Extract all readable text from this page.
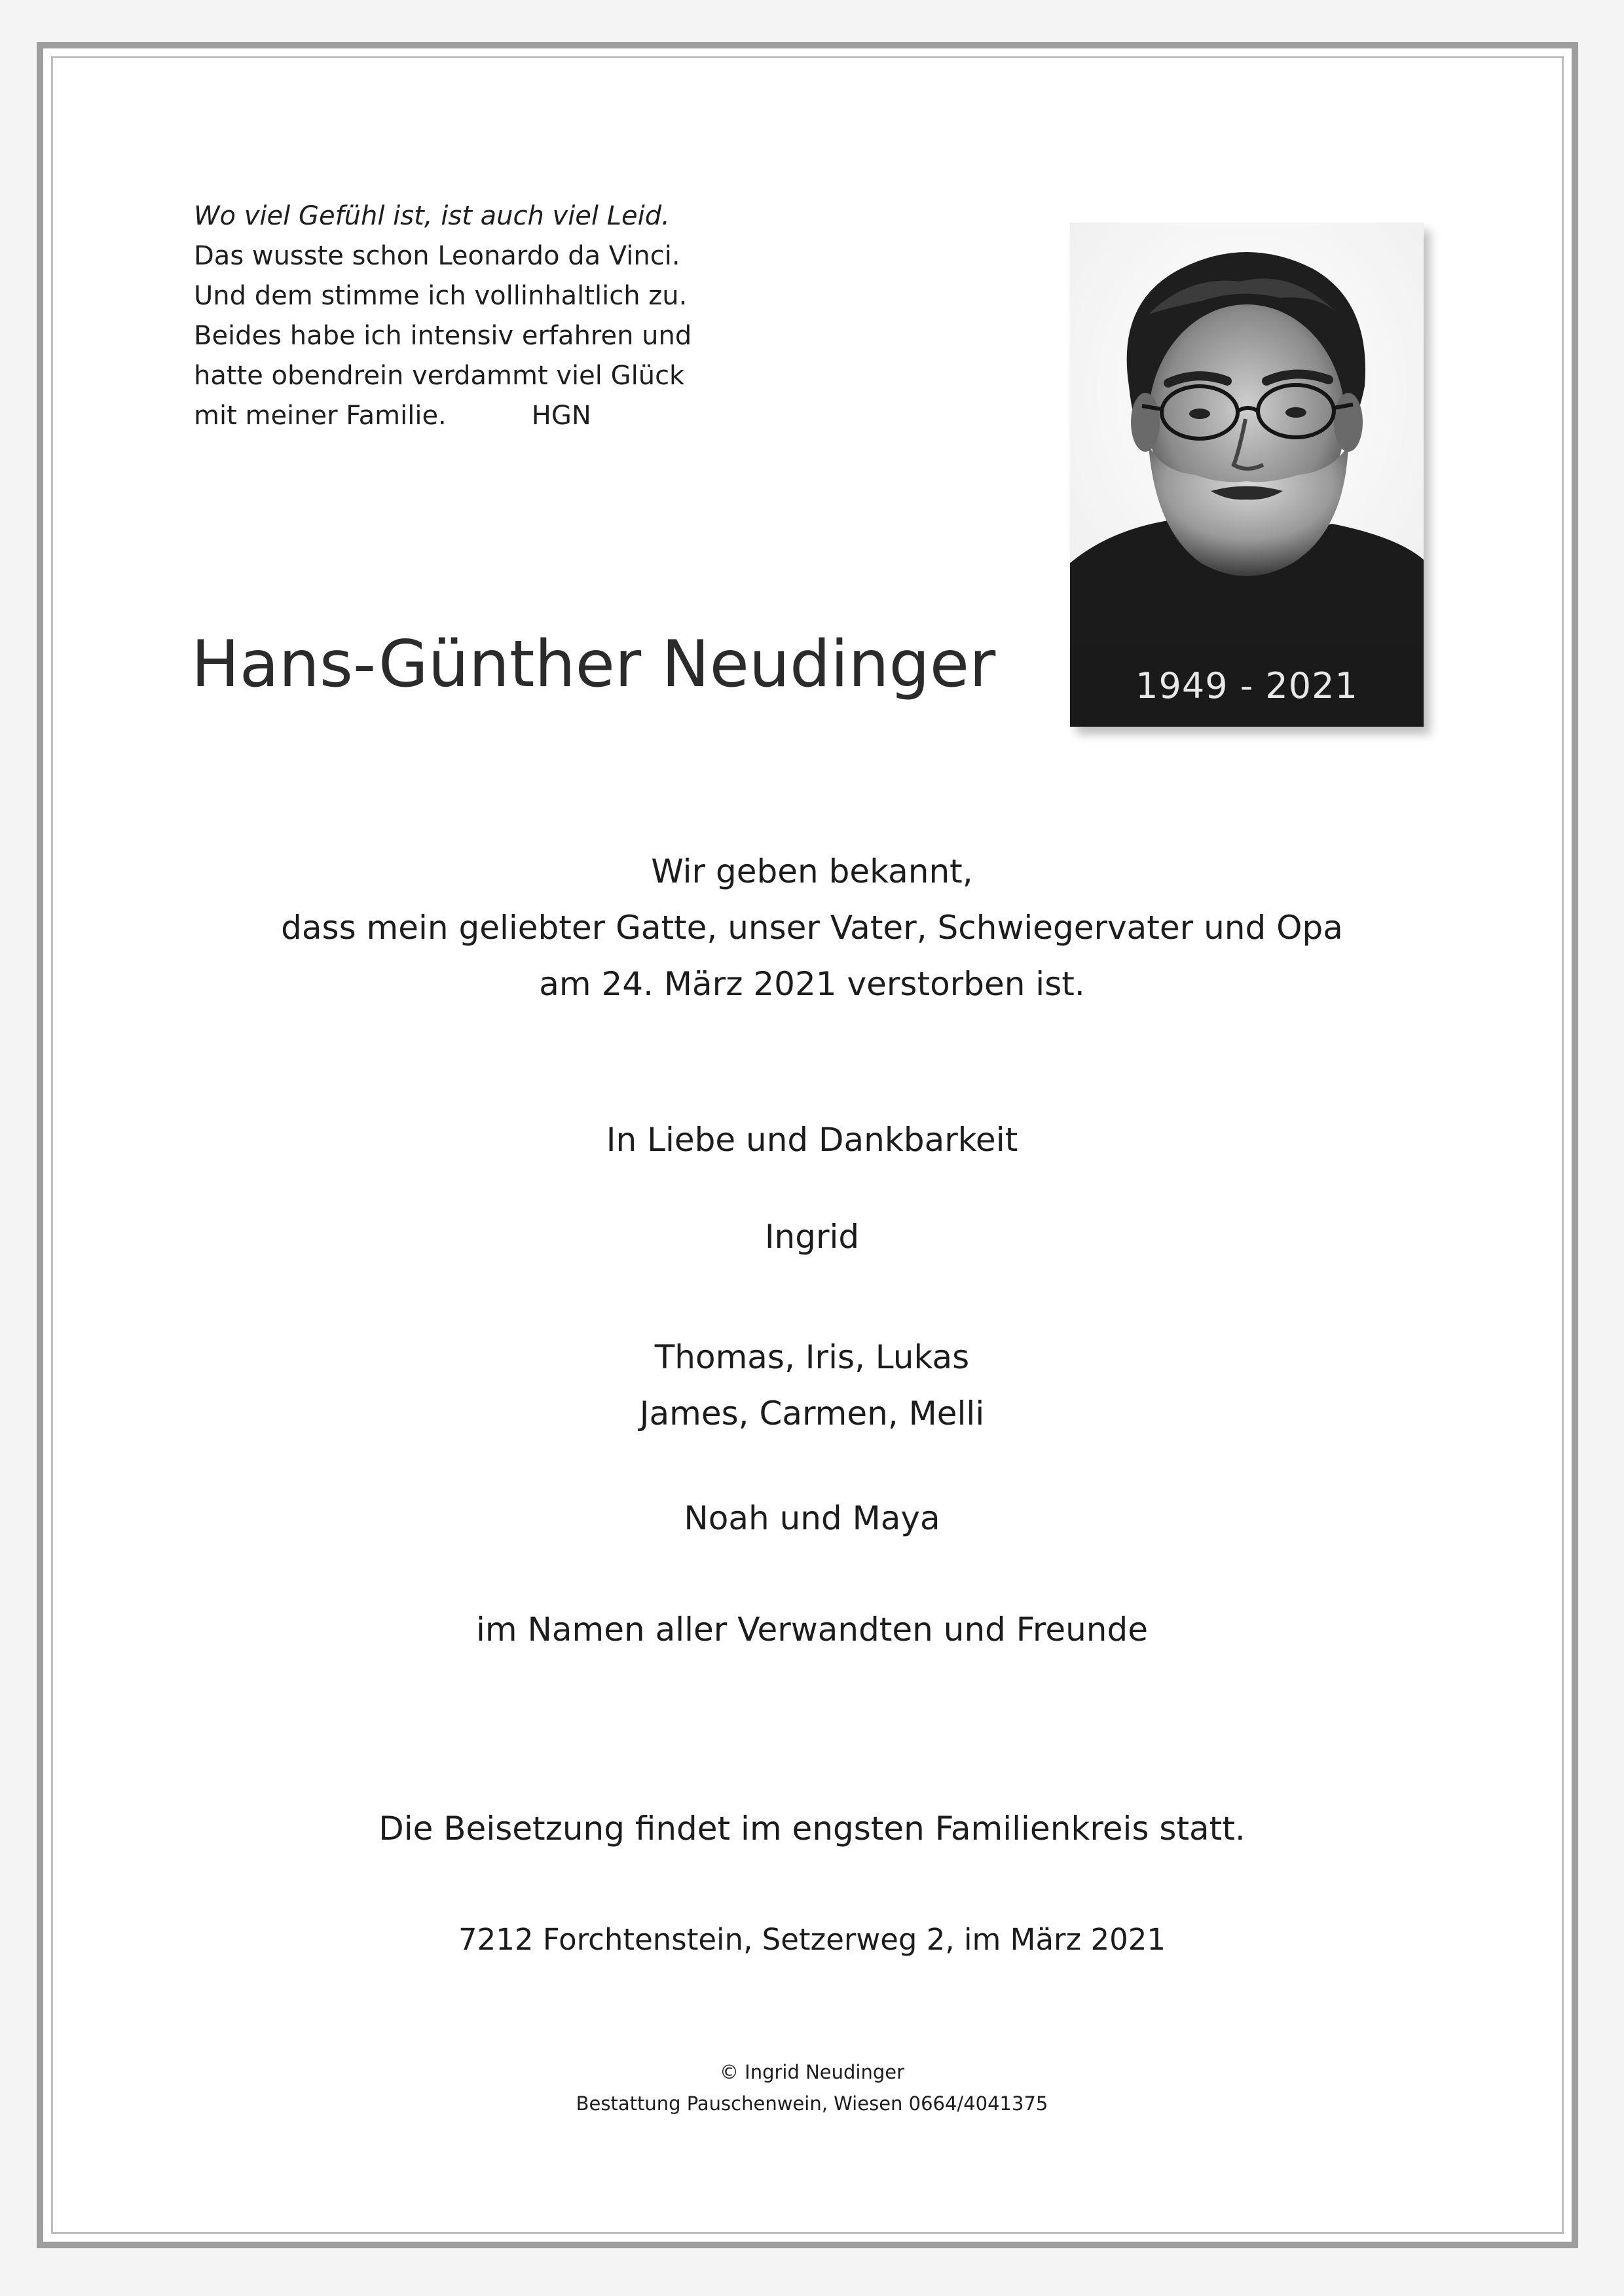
Wo viel Gefühl ist, ist auch viel Leid.
Das wusste schon Leonardo da Vinci.
Und dem stimme ich vollinhaltlich zu.
Beides habe ich intensiv erfahren und
hatte obendrein verdammt viel Glück
mit meiner Familie.	HGN
1949 - 2021
Hans-Günther Neudinger
Wir geben bekannt,
dass mein geliebter Gatte, unser Vater, Schwiegervater und Opa
am 24. März 2021 verstorben ist.
In Liebe und Dankbarkeit
Ingrid
Thomas, Iris, Lukas
James, Carmen, Melli
Noah und Maya
im Namen aller Verwandten und Freunde
Die Beisetzung findet im engsten Familienkreis statt.
7212 Forchtenstein, Setzerweg 2, im März 2021
© Ingrid Neudinger
Bestattung Pauschenwein, Wiesen 0664/4041375
